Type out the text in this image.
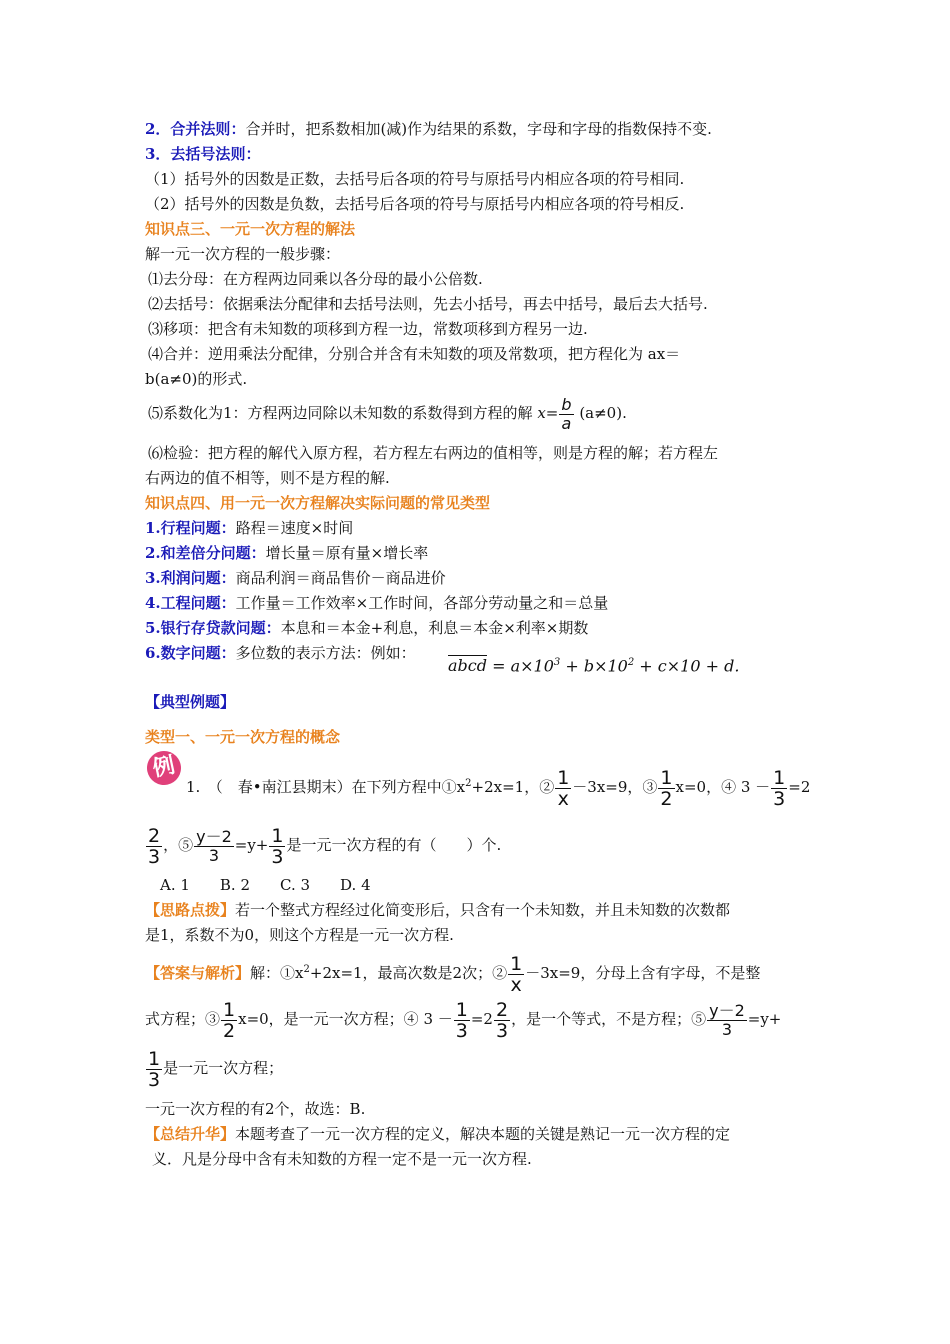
2．合并法则：合并时，把系数相加(减)作为结果的系数，字母和字母的指数保持不变.
3．去括号法则：
（1）括号外的因数是正数，去括号后各项的符号与原括号内相应各项的符号相同.
（2）括号外的因数是负数，去括号后各项的符号与原括号内相应各项的符号相反.
知识点三、一元一次方程的解法
解一元一次方程的一般步骤：
⑴去分母：在方程两边同乘以各分母的最小公倍数.
⑵去括号：依据乘法分配律和去括号法则，先去小括号，再去中括号，最后去大括号.
⑶移项：把含有未知数的项移到方程一边，常数项移到方程另一边.
⑷合并：逆用乘法分配律，分别合并含有未知数的项及常数项，把方程化为 ax＝
b(a≠0)的形式.
⑸系数化为1：方程两边同除以未知数的系数得到方程的解 $x= \frac{b}{a} (a\ne 0)$.
⑹检验：把方程的解代入原方程，若方程左右两边的值相等，则是方程的解；若方程左
右两边的值不相等，则不是方程的解.
知识点四、用一元一次方程解决实际问题的常见类型
1.行程问题：路程＝速度×时间
2.和差倍分问题：增长量＝原有量×增长率
3.利润问题：商品利润＝商品售价－商品进价
4.工程问题：工作量＝工作效率×工作时间，各部分劳动量之和＝总量
5.银行存贷款问题：本息和＝本金+利息，利息＝本金×利率×期数
6.数字问题：多位数的表示方法：例如：
abcd = $a\times 10^3 + b\times 10^2 + c\times 10 + d$.
【典型例题】
类型一、一元一次方程的概念
例
1.　（　春•南江县期末）在下列方程中$①x^2+2x=1$，② $\frac{1}{x} -3x=9$，③ $\frac{1}{2} x=0$，④ $3 - \frac{1}{3} =2$
$\frac{2}{3}$ ，⑤ $\frac{y-2}{3} =y+ \frac{1}{3}$ 是一元一次方程的有（　　）个.
A. 1　　B. 2　　C. 3　　D. 4
【思路点拨】若一个整式方程经过化简变形后，只含有一个未知数，并且未知数的次数都
是1，系数不为0，则这个方程是一元一次方程.
【答案与解析】解：$①x^2+2x=1$，最高次数是2次；② $\frac{1}{x} -3x=9$，分母上含有字母，不是整
式方程；③ $\frac{1}{2} x=0$，是一元一次方程；④ $3 - \frac{1}{3} =2 \frac{2}{3}$ ，是一个等式，不是方程；⑤ $\frac{y-2}{3} =y+$
$\frac{1}{3}$ 是一元一次方程；
一元一次方程的有2个，故选：B.
【总结升华】本题考查了一元一次方程的定义，解决本题的关键是熟记一元一次方程的定
义．凡是分母中含有未知数的方程一定不是一元一次方程.
